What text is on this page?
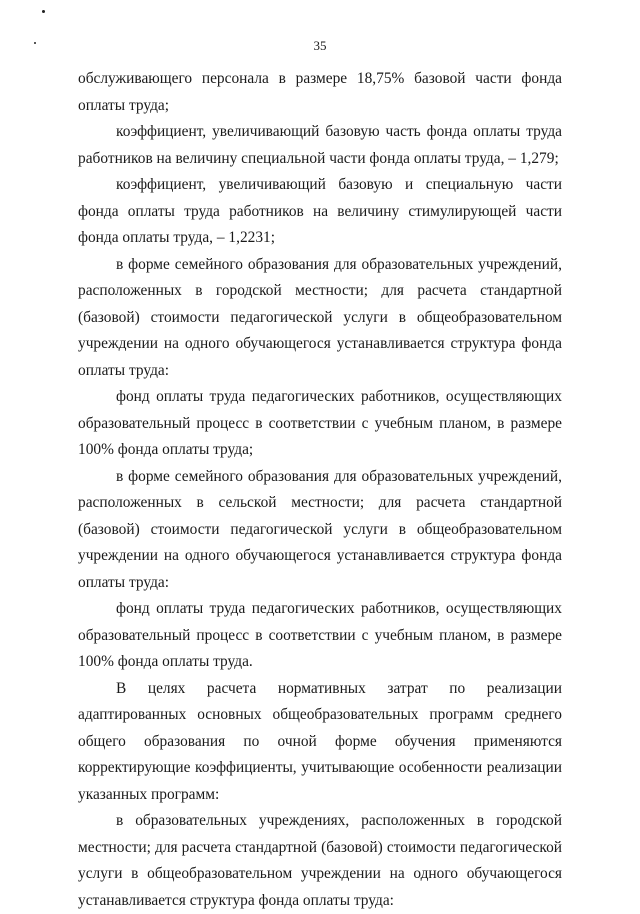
35

обслуживающего персонала в размере 18,75% базовой части фонда оплаты труда;

коэффициент, увеличивающий базовую часть фонда оплаты труда работников на величину специальной части фонда оплаты труда, – 1,279;

коэффициент, увеличивающий базовую и специальную части фонда оплаты труда работников на величину стимулирующей части фонда оплаты труда, – 1,2231;

в форме семейного образования для образовательных учреждений, расположенных в городской местности; для расчета стандартной (базовой) стоимости педагогической услуги в общеобразовательном учреждении на одного обучающегося устанавливается структура фонда оплаты труда:

фонд оплаты труда педагогических работников, осуществляющих образовательный процесс в соответствии с учебным планом, в размере 100% фонда оплаты труда;

в форме семейного образования для образовательных учреждений, расположенных в сельской местности; для расчета стандартной (базовой) стоимости педагогической услуги в общеобразовательном учреждении на одного обучающегося устанавливается структура фонда оплаты труда:

фонд оплаты труда педагогических работников, осуществляющих образовательный процесс в соответствии с учебным планом, в размере 100% фонда оплаты труда.

В целях расчета нормативных затрат по реализации адаптированных основных общеобразовательных программ среднего общего образования по очной форме обучения применяются корректирующие коэффициенты, учитывающие особенности реализации указанных программ:

в образовательных учреждениях, расположенных в городской местности; для расчета стандартной (базовой) стоимости педагогической услуги в общеобразовательном учреждении на одного обучающегося устанавливается структура фонда оплаты труда:
